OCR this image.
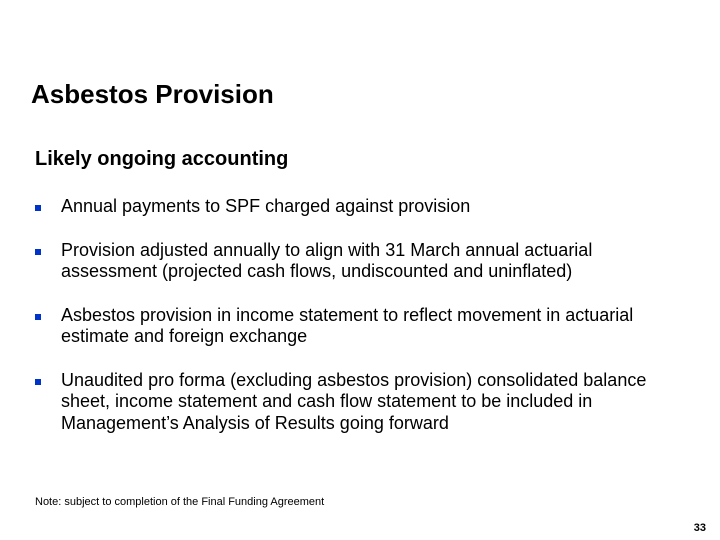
Asbestos Provision
Likely ongoing accounting
Annual payments to SPF charged against provision
Provision adjusted annually to align with 31 March annual actuarial assessment (projected cash flows, undiscounted and uninflated)
Asbestos provision in income statement to reflect movement in actuarial estimate and foreign exchange
Unaudited pro forma (excluding asbestos provision) consolidated balance sheet, income statement and cash flow statement to be included in Management’s Analysis of Results going forward

Note: subject to completion of the Final Funding Agreement

33
